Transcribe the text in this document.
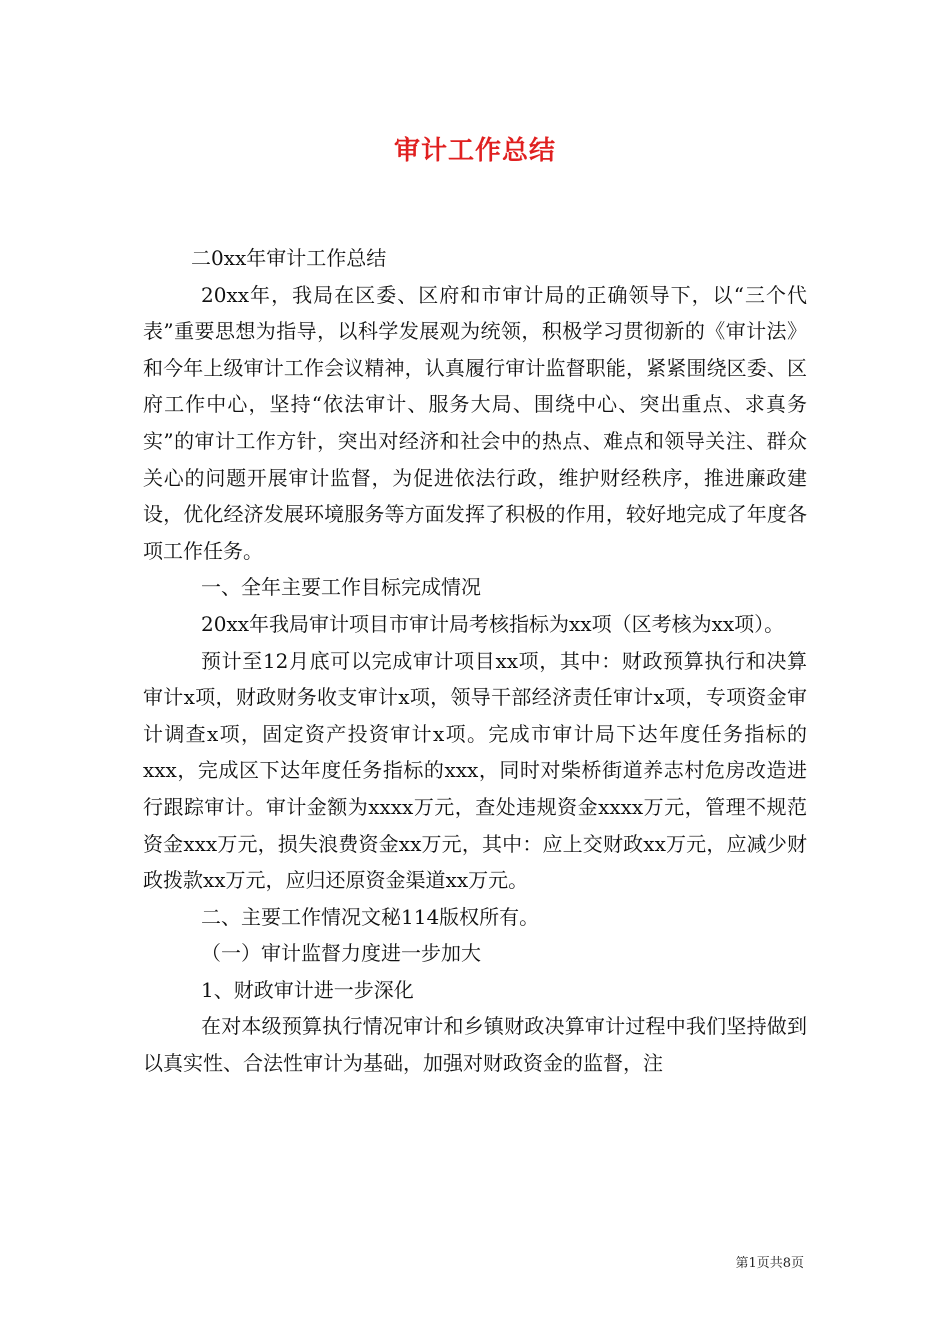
审计工作总结

二0xx年审计工作总结

20xx年，我局在区委、区府和市审计局的正确领导下，以“三个代表”重要思想为指导，以科学发展观为统领，积极学习贯彻新的《审计法》和今年上级审计工作会议精神，认真履行审计监督职能，紧紧围绕区委、区府工作中心，坚持“依法审计、服务大局、围绕中心、突出重点、求真务实”的审计工作方针，突出对经济和社会中的热点、难点和领导关注、群众关心的问题开展审计监督，为促进依法行政，维护财经秩序，推进廉政建设，优化经济发展环境服务等方面发挥了积极的作用，较好地完成了年度各项工作任务。

一、全年主要工作目标完成情况

20xx年我局审计项目市审计局考核指标为xx项（区考核为xx项）。

预计至12月底可以完成审计项目xx项，其中：财政预算执行和决算审计x项，财政财务收支审计x项，领导干部经济责任审计x项，专项资金审计调查x项，固定资产投资审计x项。完成市审计局下达年度任务指标的xxx，完成区下达年度任务指标的xxx，同时对柴桥街道养志村危房改造进行跟踪审计。审计金额为xxxx万元，查处违规资金xxxx万元，管理不规范资金xxx万元，损失浪费资金xx万元，其中：应上交财政xx万元，应减少财政拨款xx万元，应归还原资金渠道xx万元。

二、主要工作情况文秘114版权所有。

（一）审计监督力度进一步加大

1、财政审计进一步深化

在对本级预算执行情况审计和乡镇财政决算审计过程中我们坚持做到以真实性、合法性审计为基础，加强对财政资金的监督，注

第1页共8页
